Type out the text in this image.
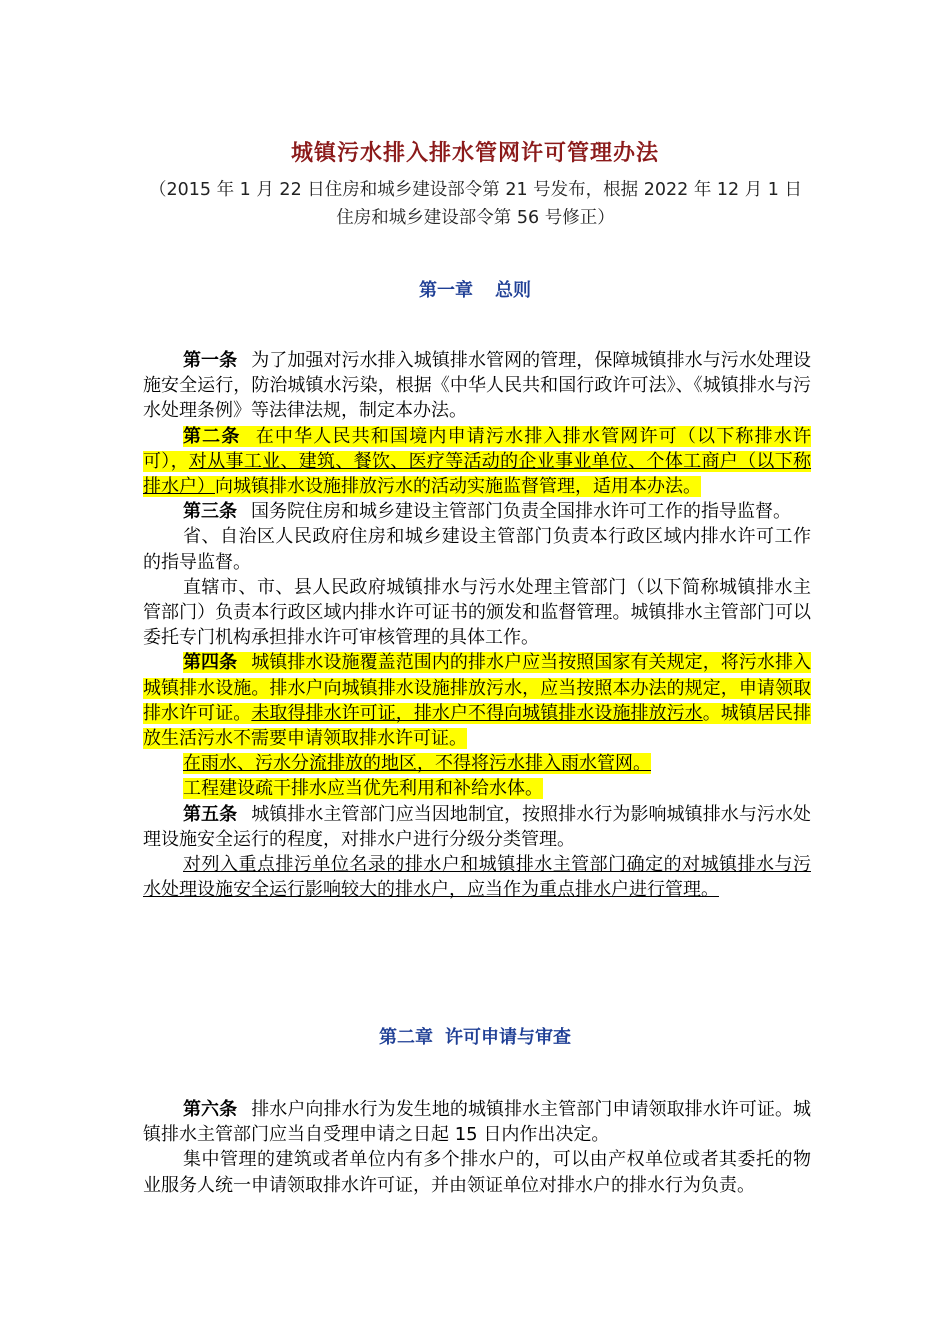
城镇污水排入排水管网许可管理办法
（2015 年 1 月 22 日住房和城乡建设部令第 21 号发布，根据 2022 年 12 月 1 日住房和城乡建设部令第 56 号修正）
第一章 总则

第一条 为了加强对污水排入城镇排水管网的管理，保障城镇排水与污水处理设施安全运行，防治城镇水污染，根据《中华人民共和国行政许可法》、《城镇排水与污水处理条例》等法律法规，制定本办法。

第二条 在中华人民共和国境内申请污水排入排水管网许可（以下称排水许可），对从事工业、建筑、餐饮、医疗等活动的企业事业单位、个体工商户（以下称排水户）向城镇排水设施排放污水的活动实施监督管理，适用本办法。

第三条 国务院住房和城乡建设主管部门负责全国排水许可工作的指导监督。

省、自治区人民政府住房和城乡建设主管部门负责本行政区域内排水许可工作的指导监督。

直辖市、市、县人民政府城镇排水与污水处理主管部门（以下简称城镇排水主管部门）负责本行政区域内排水许可证书的颁发和监督管理。城镇排水主管部门可以委托专门机构承担排水许可审核管理的具体工作。

第四条 城镇排水设施覆盖范围内的排水户应当按照国家有关规定，将污水排入城镇排水设施。排水户向城镇排水设施排放污水，应当按照本办法的规定，申请领取排水许可证。未取得排水许可证，排水户不得向城镇排水设施排放污水。城镇居民排放生活污水不需要申请领取排水许可证。

在雨水、污水分流排放的地区，不得将污水排入雨水管网。

工程建设疏干排水应当优先利用和补给水体。

第五条 城镇排水主管部门应当因地制宜，按照排水行为影响城镇排水与污水处理设施安全运行的程度，对排水户进行分级分类管理。

对列入重点排污单位名录的排水户和城镇排水主管部门确定的对城镇排水与污水处理设施安全运行影响较大的排水户，应当作为重点排水户进行管理。

第二章 许可申请与审查

第六条 排水户向排水行为发生地的城镇排水主管部门申请领取排水许可证。城镇排水主管部门应当自受理申请之日起 15 日内作出决定。

集中管理的建筑或者单位内有多个排水户的，可以由产权单位或者其委托的物业服务人统一申请领取排水许可证，并由领证单位对排水户的排水行为负责。
